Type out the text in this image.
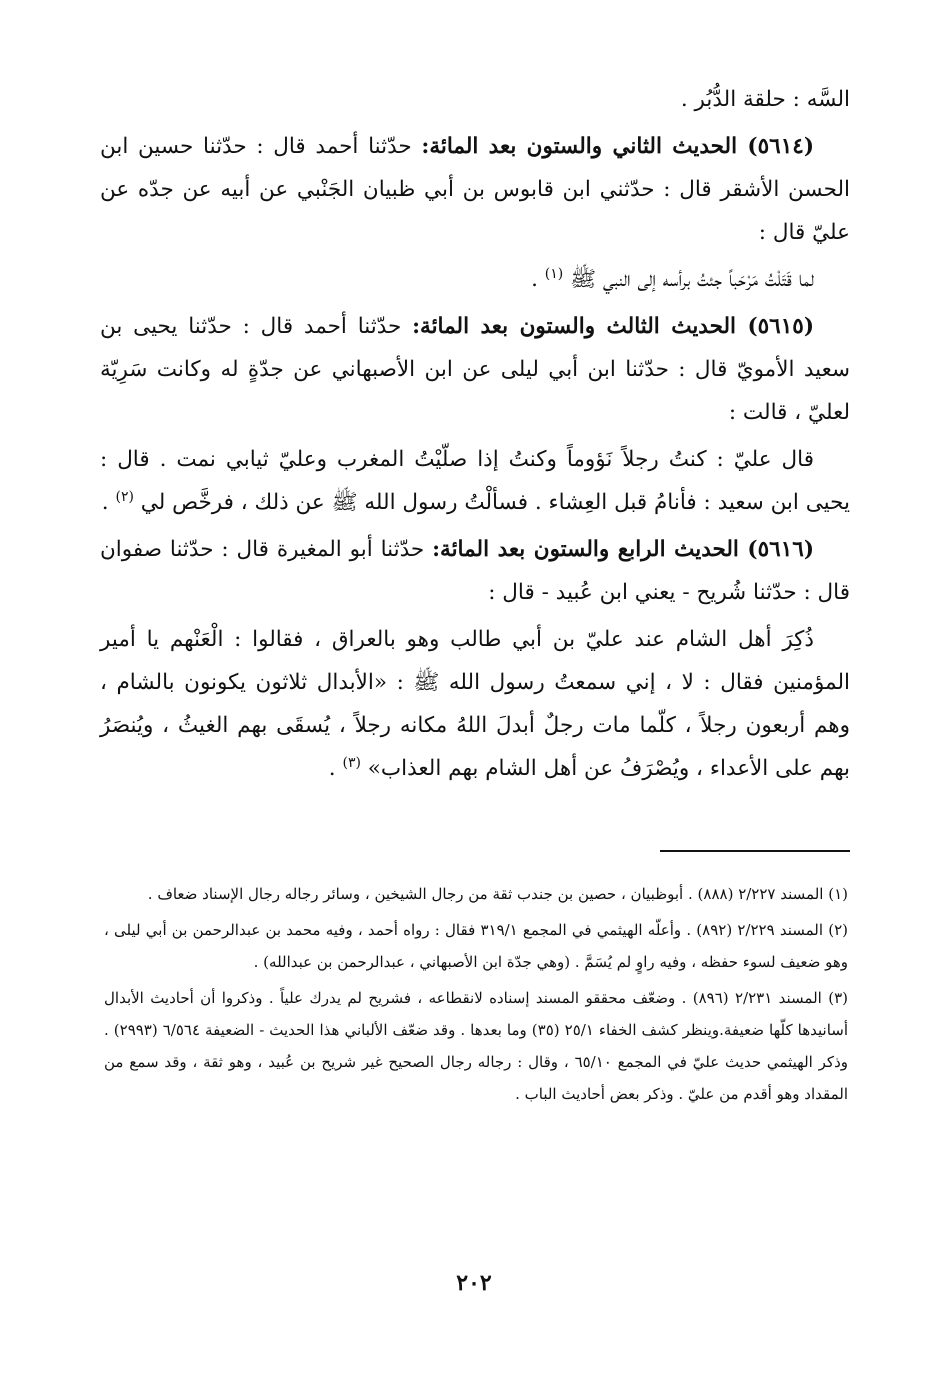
السَّه : حلقة الدُّبُر .

(٥٦١٤) الحديث الثاني والستون بعد المائة: حدّثنا أحمد قال : حدّثنا حسين ابن الحسن الأشقر قال : حدّثني ابن قابوس بن أبي ظبيان الجَنْبي عن أبيه عن جدّه عن عليّ قال :

لما قَتَلْتُ مَرْحَباً جئتُ برأسه إلى النبي ﷺ $^{(١)}$ .

(٥٦١٥) الحديث الثالث والستون بعد المائة: حدّثنا أحمد قال : حدّثنا يحيى بن سعيد الأمويّ قال : حدّثنا ابن أبي ليلى عن ابن الأصبهاني عن جدّةٍ له وكانت سَرِيّة لعليّ ، قالت :

قال عليّ : كنتُ رجلاً نَؤوماً وكنتُ إذا صلّيْتُ المغرب وعليّ ثيابي نمت . قال : يحيى ابن سعيد : فأنامُ قبل العِشاء . فسألْتُ رسول الله ﷺ عن ذلك ، فرخَّص لي $^{(٢)}$ .

(٥٦١٦) الحديث الرابع والستون بعد المائة: حدّثنا أبو المغيرة قال : حدّثنا صفوان قال : حدّثنا شُريح - يعني ابن عُبيد - قال :

ذُكِرَ أهل الشام عند عليّ بن أبي طالب وهو بالعراق ، فقالوا : الْعَنْهم يا أمير المؤمنين فقال : لا ، إني سمعتُ رسول الله ﷺ : «الأبدال ثلاثون يكونون بالشام ، وهم أربعون رجلاً ، كلّما مات رجلٌ أبدلَ اللهُ مكانه رجلاً ، يُسقَى بهم الغيثُ ، ويُنصَرُ بهم على الأعداء ، ويُصْرَفُ عن أهل الشام بهم العذاب» $^{(٣)}$ .

(١) المسند ٢/٢٢٧ (٨٨٨) . أبوظبيان ، حصين بن جندب ثقة من رجال الشيخين ، وسائر رجاله رجال الإسناد ضعاف .

(٢) المسند ٢/٢٢٩ (٨٩٢) . وأعلّه الهيثمي في المجمع ٣١٩/١ فقال : رواه أحمد ، وفيه محمد بن عبدالرحمن بن أبي ليلى ، وهو ضعيف لسوء حفظه ، وفيه راوٍ لم يُسَمَّ . (وهي جدّة ابن الأصبهاني ، عبدالرحمن بن عبدالله) .

(٣) المسند ٢/٢٣١ (٨٩٦) . وضعّف محققو المسند إسناده لانقطاعه ، فشريح لم يدرك علياً . وذكروا أن أحاديث الأبدال أسانيدها كلّها ضعيفة.وينظر كشف الخفاء ٢٥/١ (٣٥) وما بعدها . وقد ضعّف الألباني هذا الحديث - الضعيفة ٦/٥٦٤ (٢٩٩٣) . وذكر الهيثمي حديث عليّ في المجمع ٦٥/١٠ ، وقال : رجاله رجال الصحيح غير شريح بن عُبيد ، وهو ثقة ، وقد سمع من المقداد وهو أقدم من عليّ . وذكر بعض أحاديث الباب .

٢٠٢
